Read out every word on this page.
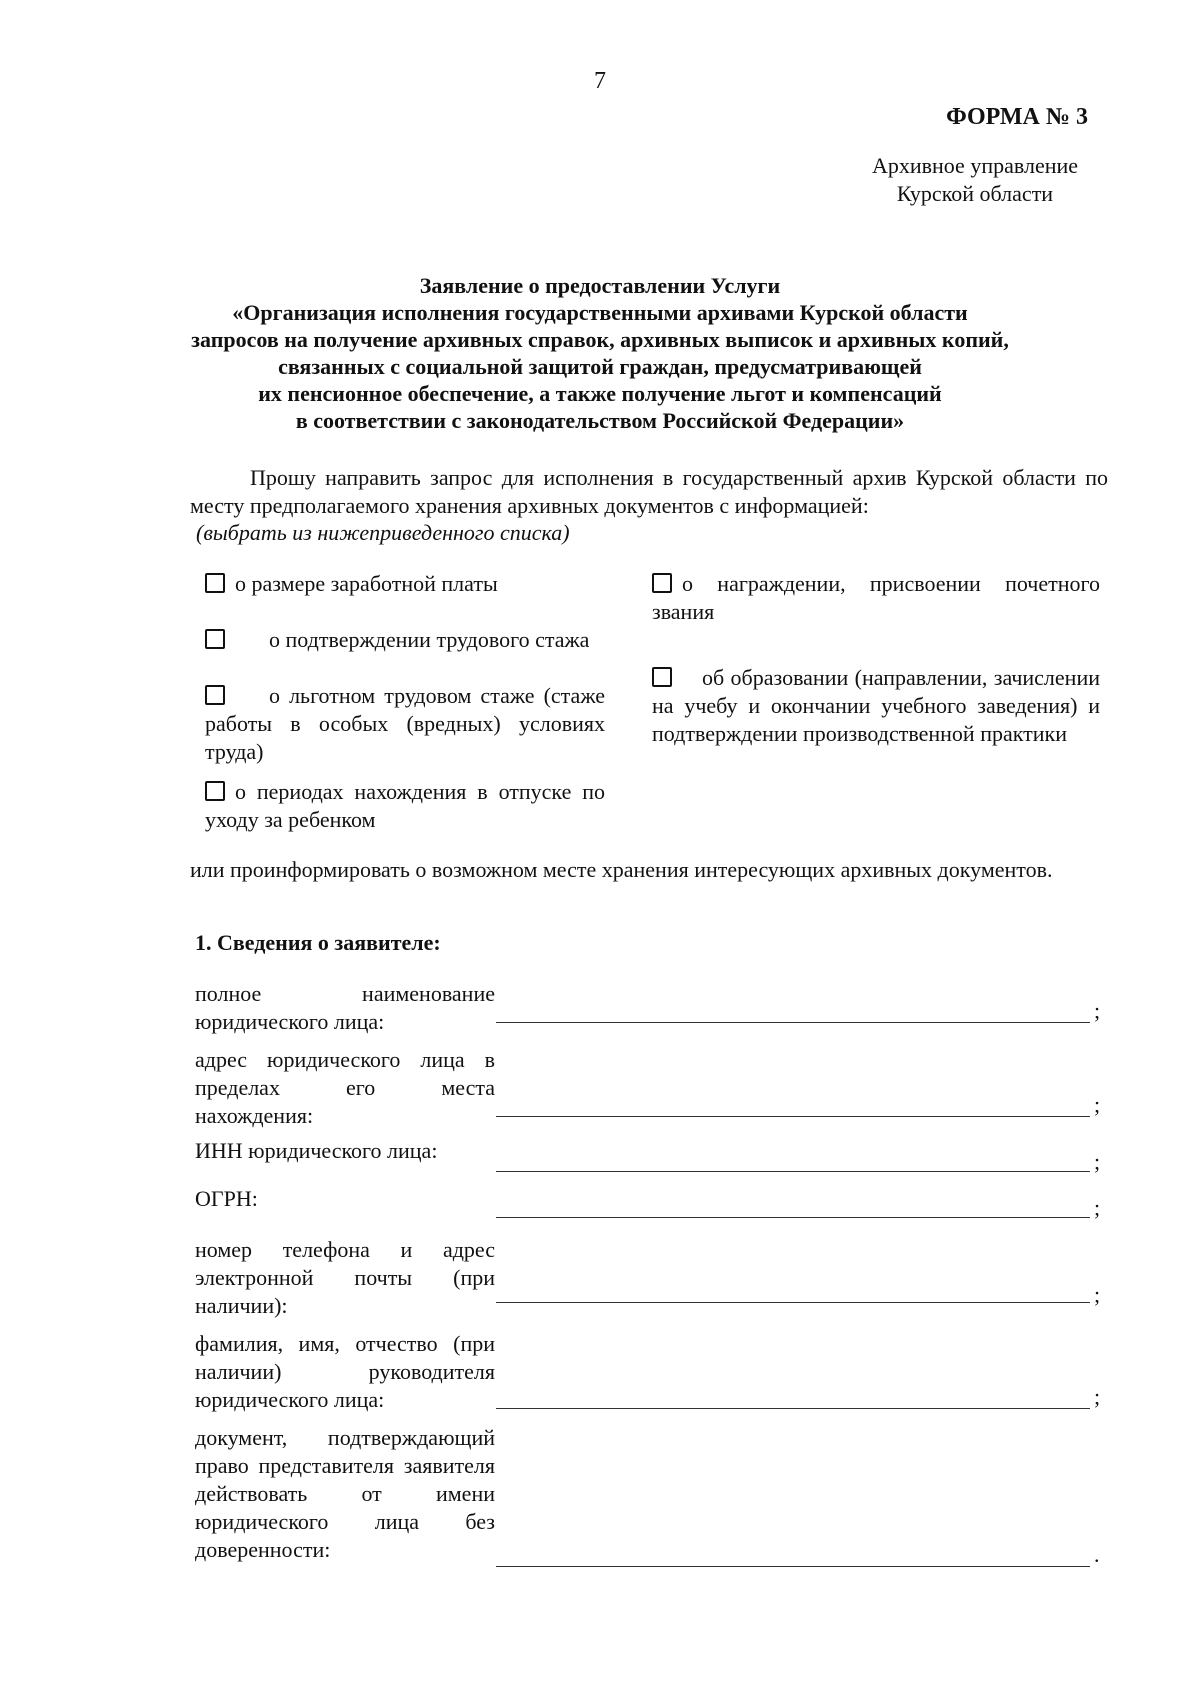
7
ФОРМА № 3
Архивное управление
Курской области
Заявление о предоставлении Услуги
«Организация исполнения государственными архивами Курской области
запросов на получение архивных справок, архивных выписок и архивных копий,
связанных с социальной защитой граждан, предусматривающей
их пенсионное обеспечение, а также получение льгот и компенсаций
в соответствии с законодательством Российской Федерации»
Прошу направить запрос для исполнения в государственный архив Курской области по месту предполагаемого хранения архивных документов с информацией:
(выбрать из нижеприведенного списка)
о размере заработной платы
о подтверждении трудового стажа
о льготном трудовом стаже (стаже работы в особых (вредных) условиях труда)
о периодах нахождения в отпуске по уходу за ребенком
о награждении, присвоении почетного звания
об образовании (направлении, зачислении на учебу и окончании учебного заведения) и подтверждении производственной практики
или проинформировать о возможном месте хранения интересующих архивных документов.
1. Сведения о заявителе:
полное наименование юридического лица:	;
адрес юридического лица в пределах его места нахождения:	;
ИНН юридического лица:	;
ОГРН:	;
номер телефона и адрес электронной почты (при наличии):	;
фамилия, имя, отчество (при наличии) руководителя юридического лица:	;
документ, подтверждающий право представителя заявителя действовать от имени юридического лица без доверенности:	.
